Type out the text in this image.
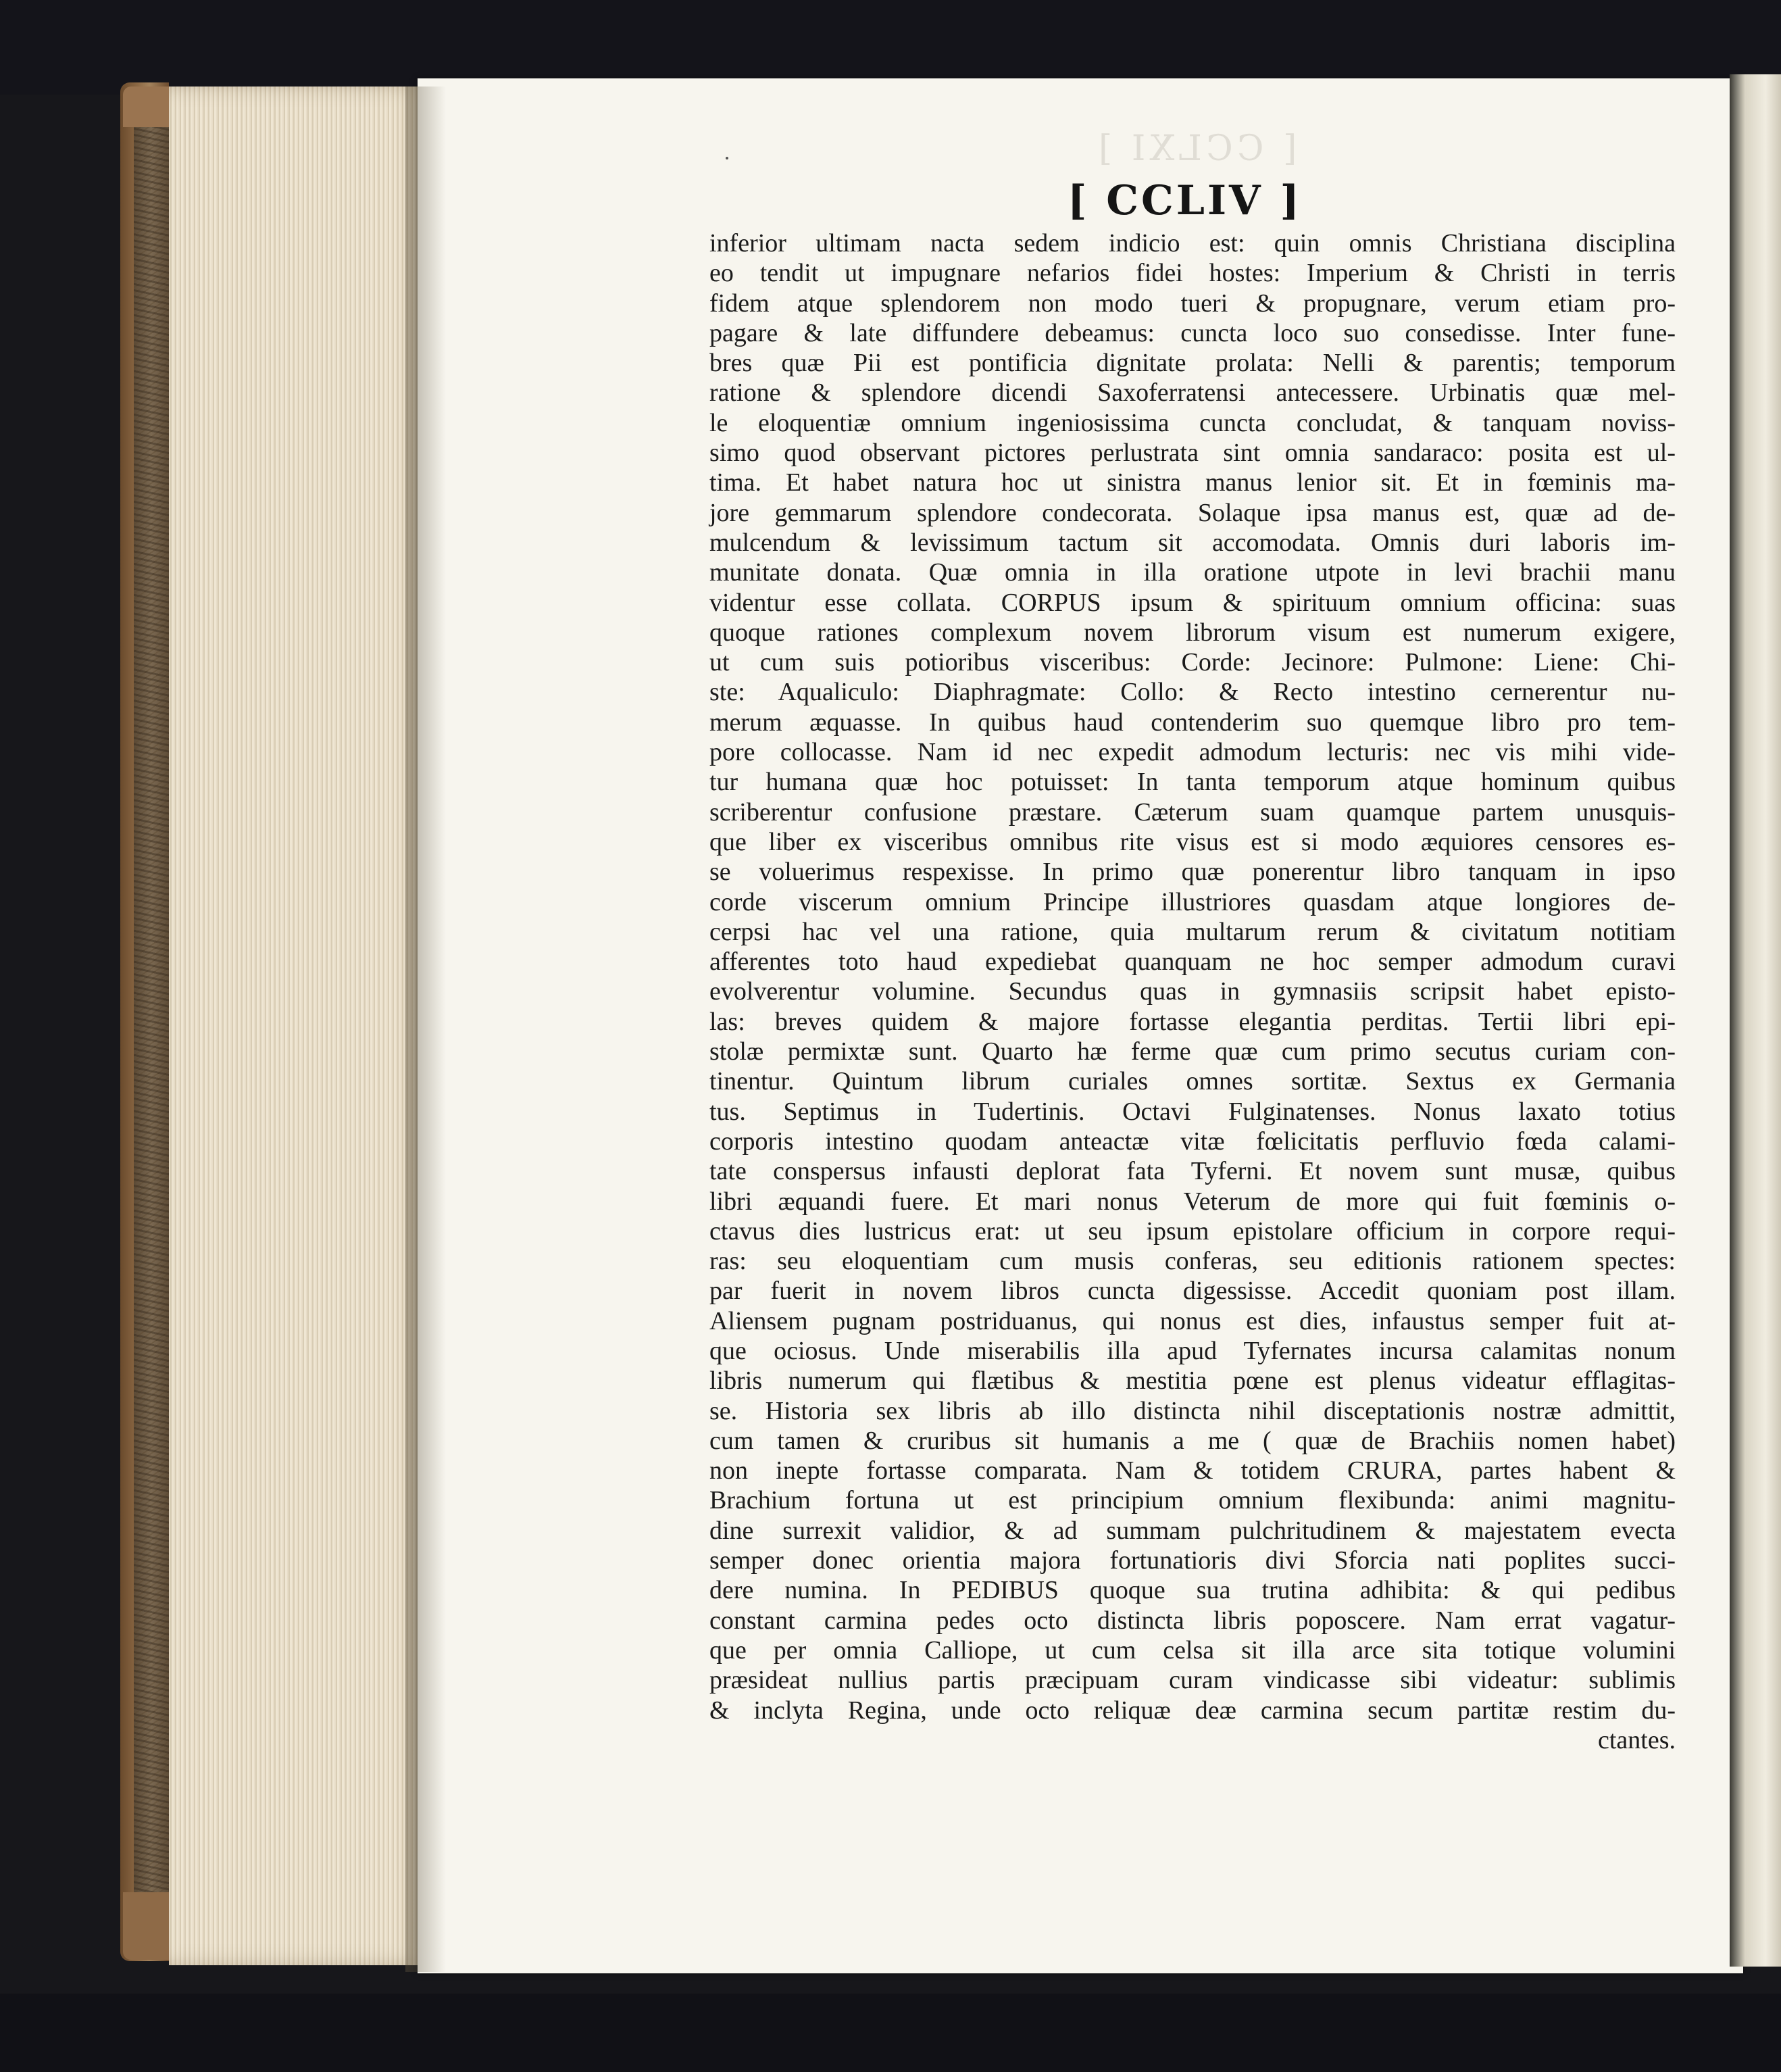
[ CCLXI ]
[ CCLIV ]
inferior ultimam nacta sedem indicio est: quin omnis Christiana disciplina
eo tendit ut impugnare nefarios fidei hostes: Imperium & Christi in terris
fidem atque splendorem non modo tueri & propugnare, verum etiam pro-
pagare & late diffundere debeamus: cuncta loco suo consedisse. Inter fune-
bres quæ Pii est pontificia dignitate prolata: Nelli & parentis; temporum
ratione & splendore dicendi Saxoferratensi antecessere. Urbinatis quæ mel-
le eloquentiæ omnium ingeniosissima cuncta concludat, & tanquam noviss-
simo quod observant pictores perlustrata sint omnia sandaraco: posita est ul-
tima. Et habet natura hoc ut sinistra manus lenior sit. Et in fœminis ma-
jore gemmarum splendore condecorata. Solaque ipsa manus est, quæ ad de-
mulcendum & levissimum tactum sit accomodata. Omnis duri laboris im-
munitate donata. Quæ omnia in illa oratione utpote in levi brachii manu
videntur esse collata. CORPUS ipsum & spirituum omnium officina: suas
quoque rationes complexum novem librorum visum est numerum exigere,
ut cum suis potioribus visceribus: Corde: Jecinore: Pulmone: Liene: Chi-
ste: Aqualiculo: Diaphragmate: Collo: & Recto intestino cernerentur nu-
merum æquasse. In quibus haud contenderim suo quemque libro pro tem-
pore collocasse. Nam id nec expedit admodum lecturis: nec vis mihi vide-
tur humana quæ hoc potuisset: In tanta temporum atque hominum quibus
scriberentur confusione præstare. Cæterum suam quamque partem unusquis-
que liber ex visceribus omnibus rite visus est si modo æquiores censores es-
se voluerimus respexisse. In primo quæ ponerentur libro tanquam in ipso
corde viscerum omnium Principe illustriores quasdam atque longiores de-
cerpsi hac vel una ratione, quia multarum rerum & civitatum notitiam
afferentes toto haud expediebat quanquam ne hoc semper admodum curavi
evolverentur volumine. Secundus quas in gymnasiis scripsit habet episto-
las: breves quidem & majore fortasse elegantia perditas. Tertii libri epi-
stolæ permixtæ sunt. Quarto hæ ferme quæ cum primo secutus curiam con-
tinentur. Quintum librum curiales omnes sortitæ. Sextus ex Germania
tus. Septimus in Tudertinis. Octavi Fulginatenses. Nonus laxato totius
corporis intestino quodam anteactæ vitæ fœlicitatis perfluvio fœda calami-
tate conspersus infausti deplorat fata Tyferni. Et novem sunt musæ, quibus
libri æquandi fuere. Et mari nonus Veterum de more qui fuit fœminis o-
ctavus dies lustricus erat: ut seu ipsum epistolare officium in corpore requi-
ras: seu eloquentiam cum musis conferas, seu editionis rationem spectes:
par fuerit in novem libros cuncta digessisse. Accedit quoniam post illam.
Aliensem pugnam postriduanus, qui nonus est dies, infaustus semper fuit at-
que ociosus. Unde miserabilis illa apud Tyfernates incursa calamitas nonum
libris numerum qui flætibus & mestitia pœne est plenus videatur efflagitas-
se. Historia sex libris ab illo distincta nihil disceptationis nostræ admittit,
cum tamen & cruribus sit humanis a me ( quæ de Brachiis nomen habet)
non inepte fortasse comparata. Nam & totidem CRURA, partes habent &
Brachium fortuna ut est principium omnium flexibunda: animi magnitu-
dine surrexit validior, & ad summam pulchritudinem & majestatem evecta
semper donec orientia majora fortunatioris divi Sforcia nati poplites succi-
dere numina. In PEDIBUS quoque sua trutina adhibita: & qui pedibus
constant carmina pedes octo distincta libris poposcere. Nam errat vagatur-
que per omnia Calliope, ut cum celsa sit illa arce sita totique volumini
præsideat nullius partis præcipuam curam vindicasse sibi videatur: sublimis
& inclyta Regina, unde octo reliquæ deæ carmina secum partitæ restim du-
ctantes.
